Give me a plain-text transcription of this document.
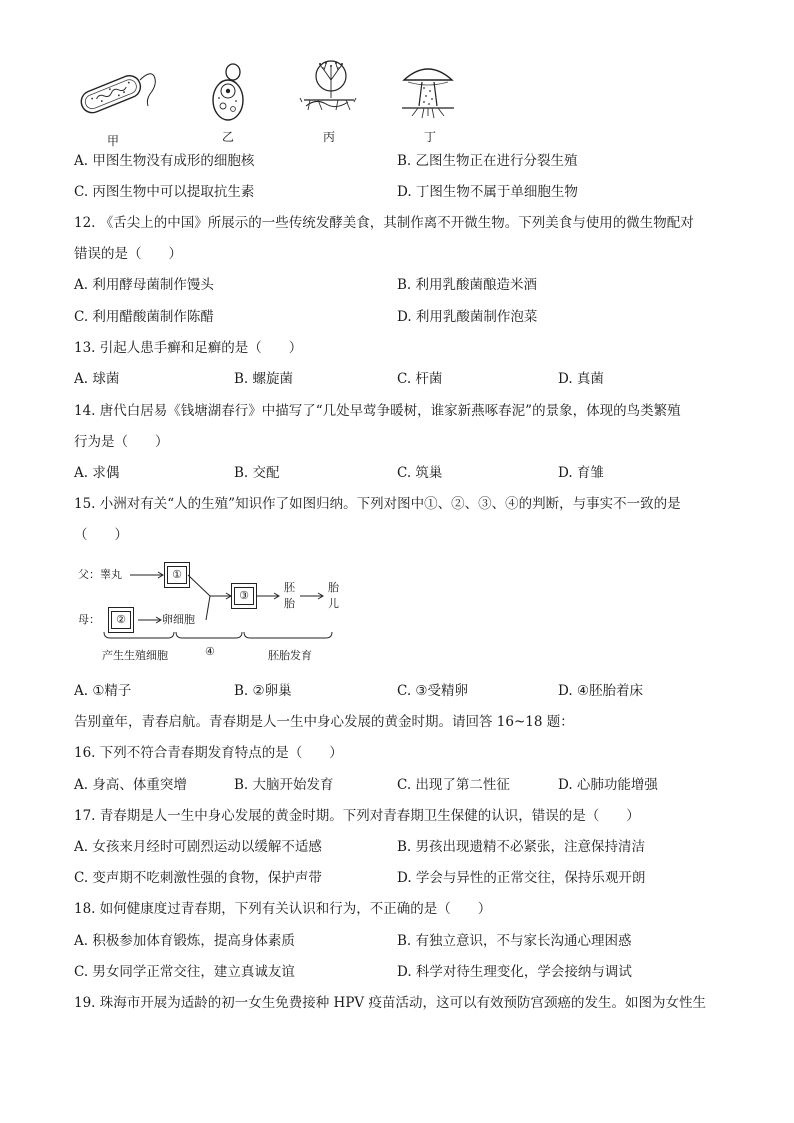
甲	乙	丙	丁
A. 甲图生物没有成形的细胞核	B. 乙图生物正在进行分裂生殖
C. 丙图生物中可以提取抗生素	D. 丁图生物不属于单细胞生物
12. 《舌尖上的中国》所展示的一些传统发酵美食，其制作离不开微生物。下列美食与使用的微生物配对
错误的是（　　）
A. 利用酵母菌制作馒头	B. 利用乳酸菌酿造米酒
C. 利用醋酸菌制作陈醋	D. 利用乳酸菌制作泡菜
13. 引起人患手癣和足癣的是（　　）
A. 球菌	B. 螺旋菌	C. 杆菌	D. 真菌
14. 唐代白居易《钱塘湖春行》中描写了“几处早莺争暖树，谁家新燕啄春泥”的景象，体现的鸟类繁殖
行为是（　　）
A. 求偶	B. 交配	C. 筑巢	D. 育雏
15. 小洲对有关“人的生殖”知识作了如图归纳。下列对图中①、②、③、④的判断，与事实不一致的是
（　　）
父：睾丸	①
母：	②	卵细胞
③
胚
胎
胎
儿
产生生殖细胞	④	胚胎发育
A. ①精子	B. ②卵巢	C. ③受精卵	D. ④胚胎着床
告别童年，青春启航。青春期是人一生中身心发展的黄金时期。请回答 16~18 题：
16. 下列不符合青春期发育特点的是（　　）
A. 身高、体重突增	B. 大脑开始发育	C. 出现了第二性征	D. 心肺功能增强
17. 青春期是人一生中身心发展的黄金时期。下列对青春期卫生保健的认识，错误的是（　　）
A. 女孩来月经时可剧烈运动以缓解不适感	B. 男孩出现遗精不必紧张，注意保持清洁
C. 变声期不吃刺激性强的食物，保护声带	D. 学会与异性的正常交往，保持乐观开朗
18. 如何健康度过青春期，下列有关认识和行为，不正确的是（　　）
A. 积极参加体育锻炼，提高身体素质	B. 有独立意识，不与家长沟通心理困惑
C. 男女同学正常交往，建立真诚友谊	D. 科学对待生理变化，学会接纳与调试
19. 珠海市开展为适龄的初一女生免费接种 HPV 疫苗活动，这可以有效预防宫颈癌的发生。如图为女性生
